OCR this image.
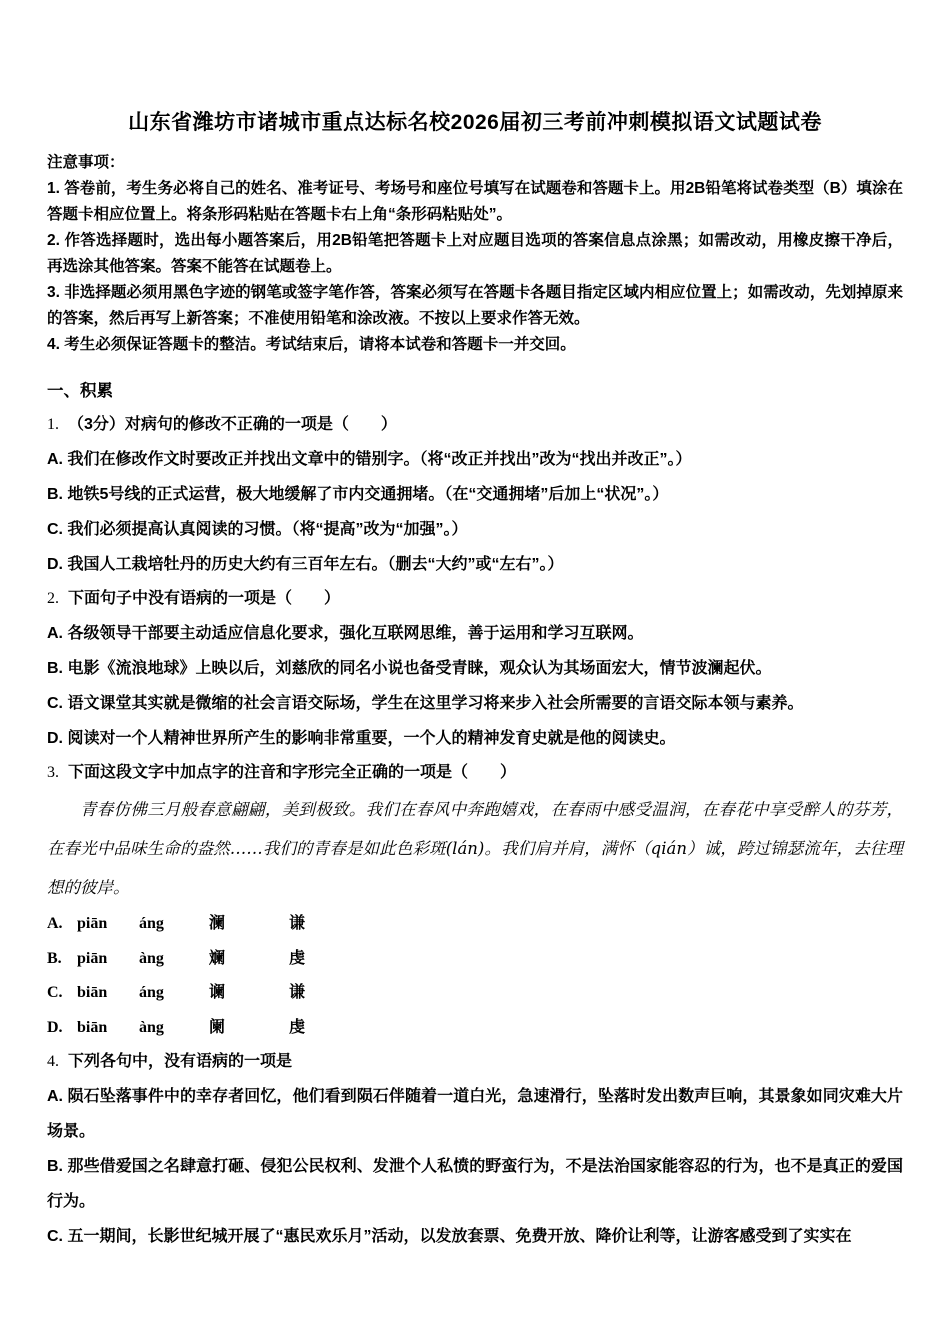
山东省潍坊市诸城市重点达标名校2026届初三考前冲刺模拟语文试题试卷

注意事项：

1. 答卷前，考生务必将自己的姓名、准考证号、考场号和座位号填写在试题卷和答题卡上。用2B铅笔将试卷类型（B）填涂在答题卡相应位置上。将条形码粘贴在答题卡右上角“条形码粘贴处”。

2. 作答选择题时，选出每小题答案后，用2B铅笔把答题卡上对应题目选项的答案信息点涂黑；如需改动，用橡皮擦干净后，再选涂其他答案。答案不能答在试题卷上。

3. 非选择题必须用黑色字迹的钢笔或签字笔作答，答案必须写在答题卡各题目指定区域内相应位置上；如需改动，先划掉原来的答案，然后再写上新答案；不准使用铅笔和涂改液。不按以上要求作答无效。

4. 考生必须保证答题卡的整洁。考试结束后，请将本试卷和答题卡一并交回。

一、积累
1. （3分）对病句的修改不正确的一项是（　　）

A. 我们在修改作文时要改正并找出文章中的错别字。（将“改正并找出”改为“找出并改正”。）

B. 地铁5号线的正式运营，极大地缓解了市内交通拥堵。（在“交通拥堵”后加上“状况”。）

C. 我们必须提高认真阅读的习惯。（将“提高”改为“加强”。）

D. 我国人工栽培牡丹的历史大约有三百年左右。（删去“大约”或“左右”。）

2. 下面句子中没有语病的一项是（　　）

A. 各级领导干部要主动适应信息化要求，强化互联网思维，善于运用和学习互联网。

B. 电影《流浪地球》上映以后，刘慈欣的同名小说也备受青睐，观众认为其场面宏大，情节波澜起伏。

C. 语文课堂其实就是微缩的社会言语交际场，学生在这里学习将来步入社会所需要的言语交际本领与素养。

D. 阅读对一个人精神世界所产生的影响非常重要，一个人的精神发育史就是他的阅读史。

3. 下面这段文字中加点字的注音和字形完全正确的一项是（　　）

青春仿佛三月般春意翩翩，美到极致。我们在春风中奔跑嬉戏，在春雨中感受温润，在春花中享受醉人的芬芳，在春光中品味生命的盎然……我们的青春是如此色彩斑(lán)。我们肩并肩，满怀（qián）诚，跨过锦瑟流年，去往理想的彼岸。

A. piān áng	澜	谦
B. piān àng	斓	虔
C. biān áng	谰	谦
D. biān àng	阑	虔
4. 下列各句中，没有语病的一项是

A. 陨石坠落事件中的幸存者回忆，他们看到陨石伴随着一道白光，急速滑行，坠落时发出数声巨响，其景象如同灾难大片场景。

B. 那些借爱国之名肆意打砸、侵犯公民权利、发泄个人私愤的野蛮行为，不是法治国家能容忍的行为，也不是真正的爱国行为。

C. 五一期间，长影世纪城开展了“惠民欢乐月”活动，以发放套票、免费开放、降价让利等，让游客感受到了实实在
